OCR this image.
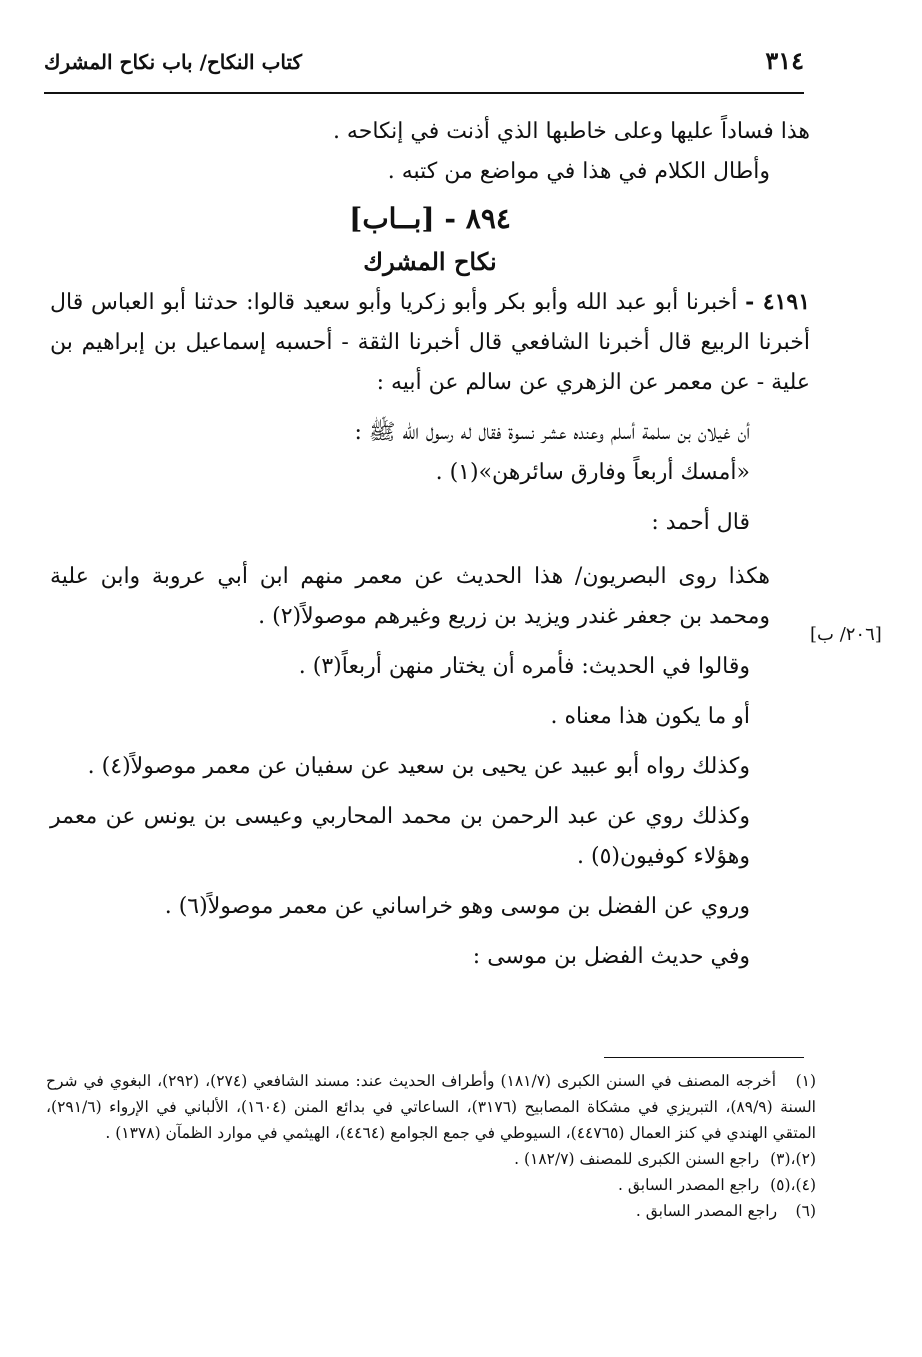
كتاب النكاح/ باب نكاح المشرك	٣١٤
هذا فساداً عليها وعلى خاطبها الذي أذنت في إنكاحه .
وأطال الكلام في هذا في مواضع من كتبه .
٨٩٤ - [بــاب]
نكاح المشرك
٤١٩١ - أخبرنا أبو عبد الله وأبو بكر وأبو زكريا وأبو سعيد قالوا: حدثنا أبو العباس قال أخبرنا الربيع قال أخبرنا الشافعي قال أخبرنا الثقة - أحسبه إسماعيل بن إبراهيم بن علية - عن معمر عن الزهري عن سالم عن أبيه :
أن غيلان بن سلمة أسلم وعنده عشر نسوة فقال له رسول الله ﷺ :
«أمسك أربعاً وفارق سائرهن»(١) .
قال أحمد :
هكذا روى البصريون/ هذا الحديث عن معمر منهم ابن أبي عروبة وابن علية ومحمد بن جعفر غندر ويزيد بن زريع وغيرهم موصولاً(٢) .
وقالوا في الحديث: فأمره أن يختار منهن أربعاً(٣) .
أو ما يكون هذا معناه .
وكذلك رواه أبو عبيد عن يحيى بن سعيد عن سفيان عن معمر موصولاً(٤) .
وكذلك روي عن عبد الرحمن بن محمد المحاربي وعيسى بن يونس عن معمر وهؤلاء كوفيون(٥) .
وروي عن الفضل بن موسى وهو خراساني عن معمر موصولاً(٦) .
وفي حديث الفضل بن موسى :
[٢٠٦/ ب]
(١) أخرجه المصنف في السنن الكبرى (١٨١/٧) وأطراف الحديث عند: مسند الشافعي (٢٧٤)، (٢٩٢)، البغوي في شرح السنة (٨٩/٩)، التبريزي في مشكاة المصابيح (٣١٧٦)، الساعاتي في بدائع المنن (١٦٠٤)، الألباني في الإرواء (٢٩١/٦)، المتقي الهندي في كنز العمال (٤٤٧٦٥)، السيوطي في جمع الجوامع (٤٤٦٤)، الهيثمي في موارد الظمآن (١٣٧٨) .
(٢)،(٣) راجع السنن الكبرى للمصنف (١٨٢/٧) .
(٤)،(٥) راجع المصدر السابق .
(٦) راجع المصدر السابق .
